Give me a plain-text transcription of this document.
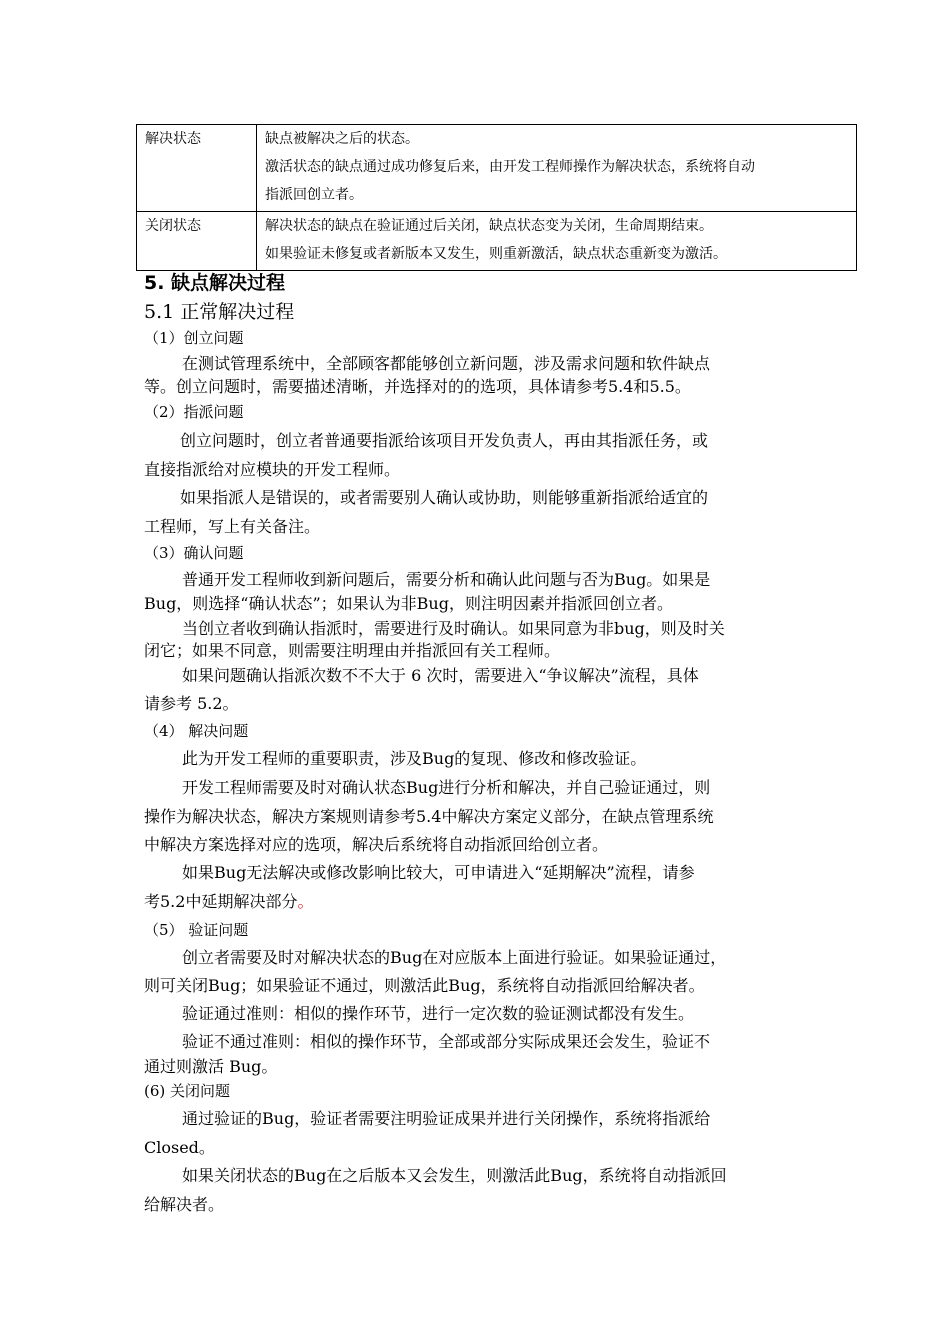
解决状态	缺点被解决之后的状态。

激活状态的缺点通过成功修复后来，由开发工程师操作为解决状态，系统将自动

指派回创立者。

关闭状态	解决状态的缺点在验证通过后关闭，缺点状态变为关闭，生命周期结束。

如果验证未修复或者新版本又发生，则重新激活，缺点状态重新变为激活。

5. 缺点解决过程
5.1 正常解决过程
（1）创立问题
在测试管理系统中，全部顾客都能够创立新问题，涉及需求问题和软件缺点
等。创立问题时，需要描述清晰，并选择对的的选项，具体请参考5.4和5.5。
（2）指派问题
创立问题时，创立者普通要指派给该项目开发负责人，再由其指派任务，或
直接指派给对应模块的开发工程师。
如果指派人是错误的，或者需要别人确认或协助，则能够重新指派给适宜的
工程师，写上有关备注。
（3）确认问题
普通开发工程师收到新问题后，需要分析和确认此问题与否为Bug。如果是
Bug，则选择“确认状态”；如果认为非Bug，则注明因素并指派回创立者。
当创立者收到确认指派时，需要进行及时确认。如果同意为非bug，则及时关
闭它；如果不同意，则需要注明理由并指派回有关工程师。
如果问题确认指派次数不不大于 6 次时，需要进入“争议解决”流程，具体
请参考 5.2。
（4） 解决问题
此为开发工程师的重要职责，涉及Bug的复现、修改和修改验证。
开发工程师需要及时对确认状态Bug进行分析和解决，并自己验证通过，则
操作为解决状态，解决方案规则请参考5.4中解决方案定义部分，在缺点管理系统
中解决方案选择对应的选项，解决后系统将自动指派回给创立者。
如果Bug无法解决或修改影响比较大，可申请进入“延期解决”流程，请参
考5.2中延期解决部分。
（5） 验证问题
创立者需要及时对解决状态的Bug在对应版本上面进行验证。如果验证通过，
则可关闭Bug；如果验证不通过，则激活此Bug，系统将自动指派回给解决者。
验证通过准则：相似的操作环节，进行一定次数的验证测试都没有发生。
验证不通过准则：相似的操作环节，全部或部分实际成果还会发生，验证不
通过则激活 Bug。
(6) 关闭问题
通过验证的Bug，验证者需要注明验证成果并进行关闭操作，系统将指派给
Closed。
如果关闭状态的Bug在之后版本又会发生，则激活此Bug，系统将自动指派回
给解决者。
